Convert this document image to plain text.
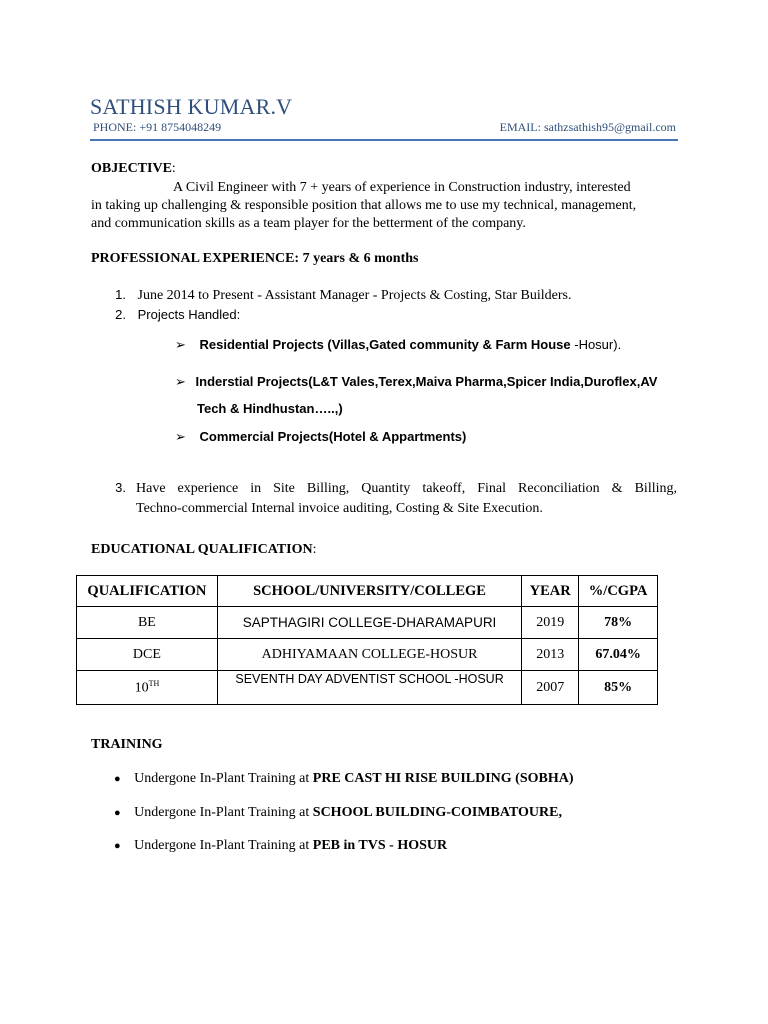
SATHISH KUMAR.V
PHONE: +91 8754048249	EMAIL: sathzsathish95@gmail.com
OBJECTIVE:
A Civil Engineer with 7 + years of experience in Construction industry, interested
in taking up challenging & responsible position that allows me to use my technical, management,
and communication skills as a team player for the betterment of the company.
PROFESSIONAL EXPERIENCE: 7 years & 6 months
1. June 2014 to Present - Assistant Manager - Projects & Costing, Star Builders.
2. Projects Handled:
➢ Residential Projects (Villas,Gated community & Farm House -Hosur).
➢ Inderstial Projects(L&T Vales,Terex,Maiva Pharma,Spicer India,Duroflex,AV
Tech & Hindhustan…..,)
➢ Commercial Projects(Hotel & Appartments)
3. Have experience in Site Billing, Quantity takeoff, Final Reconciliation & Billing,
Techno-commercial Internal invoice auditing, Costing & Site Execution.
EDUCATIONAL QUALIFICATION:
QUALIFICATION	SCHOOL/UNIVERSITY/COLLEGE	YEAR	%/CGPA
BE	SAPTHAGIRI COLLEGE-DHARAMAPURI	2019	78%
DCE	ADHIYAMAAN COLLEGE-HOSUR	2013	67.04%
10TH	SEVENTH DAY ADVENTIST SCHOOL -HOSUR	2007	85%
TRAINING
● Undergone In-Plant Training at PRE CAST HI RISE BUILDING (SOBHA)
● Undergone In-Plant Training at SCHOOL BUILDING-COIMBATOURE,
● Undergone In-Plant Training at PEB in TVS - HOSUR
